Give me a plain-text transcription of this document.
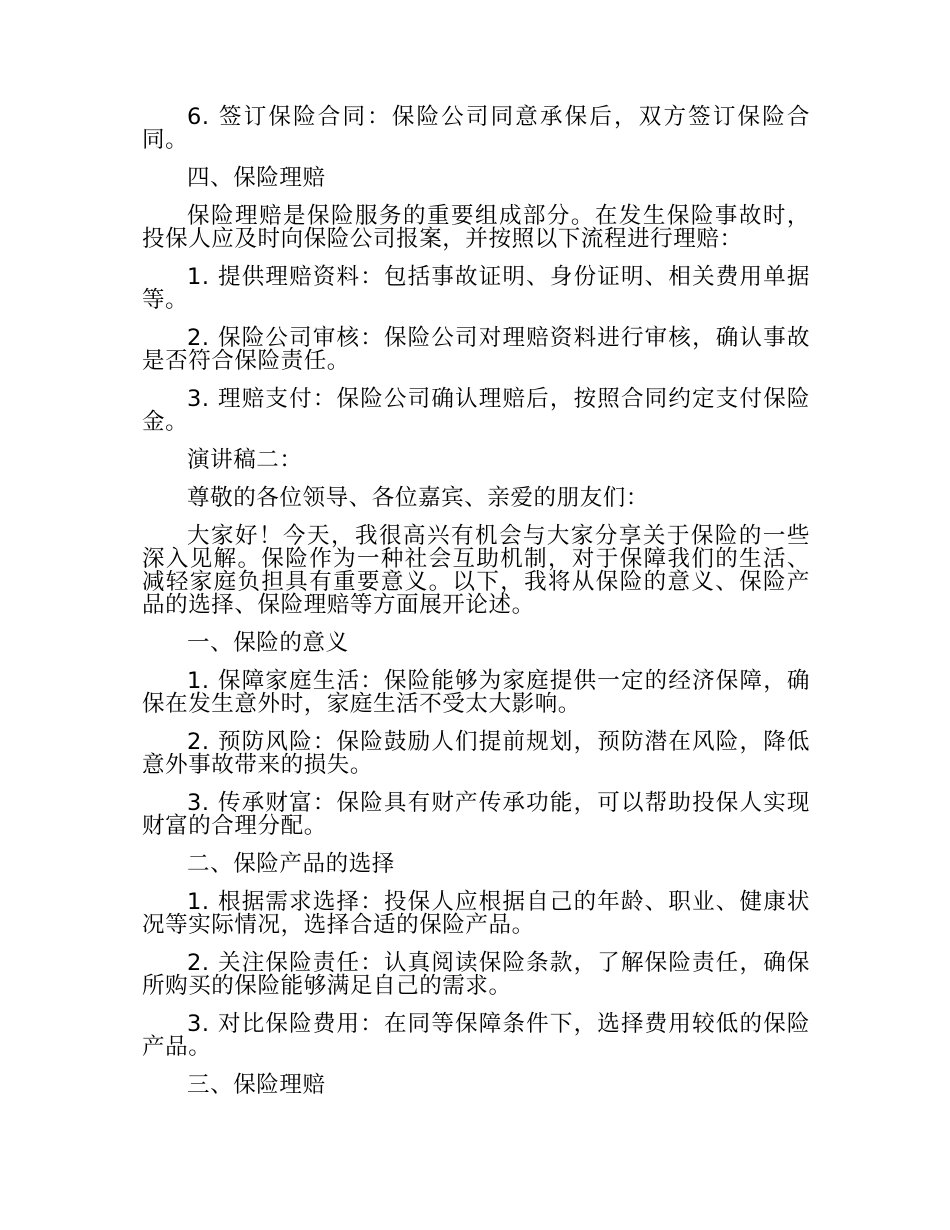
6. 签订保险合同：保险公司同意承保后，双方签订保险合同。

四、保险理赔

保险理赔是保险服务的重要组成部分。在发生保险事故时，投保人应及时向保险公司报案，并按照以下流程进行理赔：

1. 提供理赔资料：包括事故证明、身份证明、相关费用单据等。

2. 保险公司审核：保险公司对理赔资料进行审核，确认事故是否符合保险责任。

3. 理赔支付：保险公司确认理赔后，按照合同约定支付保险金。

演讲稿二：

尊敬的各位领导、各位嘉宾、亲爱的朋友们：

大家好！今天，我很高兴有机会与大家分享关于保险的一些深入见解。保险作为一种社会互助机制，对于保障我们的生活、减轻家庭负担具有重要意义。以下，我将从保险的意义、保险产品的选择、保险理赔等方面展开论述。

一、保险的意义

1. 保障家庭生活：保险能够为家庭提供一定的经济保障，确保在发生意外时，家庭生活不受太大影响。

2. 预防风险：保险鼓励人们提前规划，预防潜在风险，降低意外事故带来的损失。

3. 传承财富：保险具有财产传承功能，可以帮助投保人实现财富的合理分配。

二、保险产品的选择

1. 根据需求选择：投保人应根据自己的年龄、职业、健康状况等实际情况，选择合适的保险产品。

2. 关注保险责任：认真阅读保险条款，了解保险责任，确保所购买的保险能够满足自己的需求。

3. 对比保险费用：在同等保障条件下，选择费用较低的保险产品。

三、保险理赔
